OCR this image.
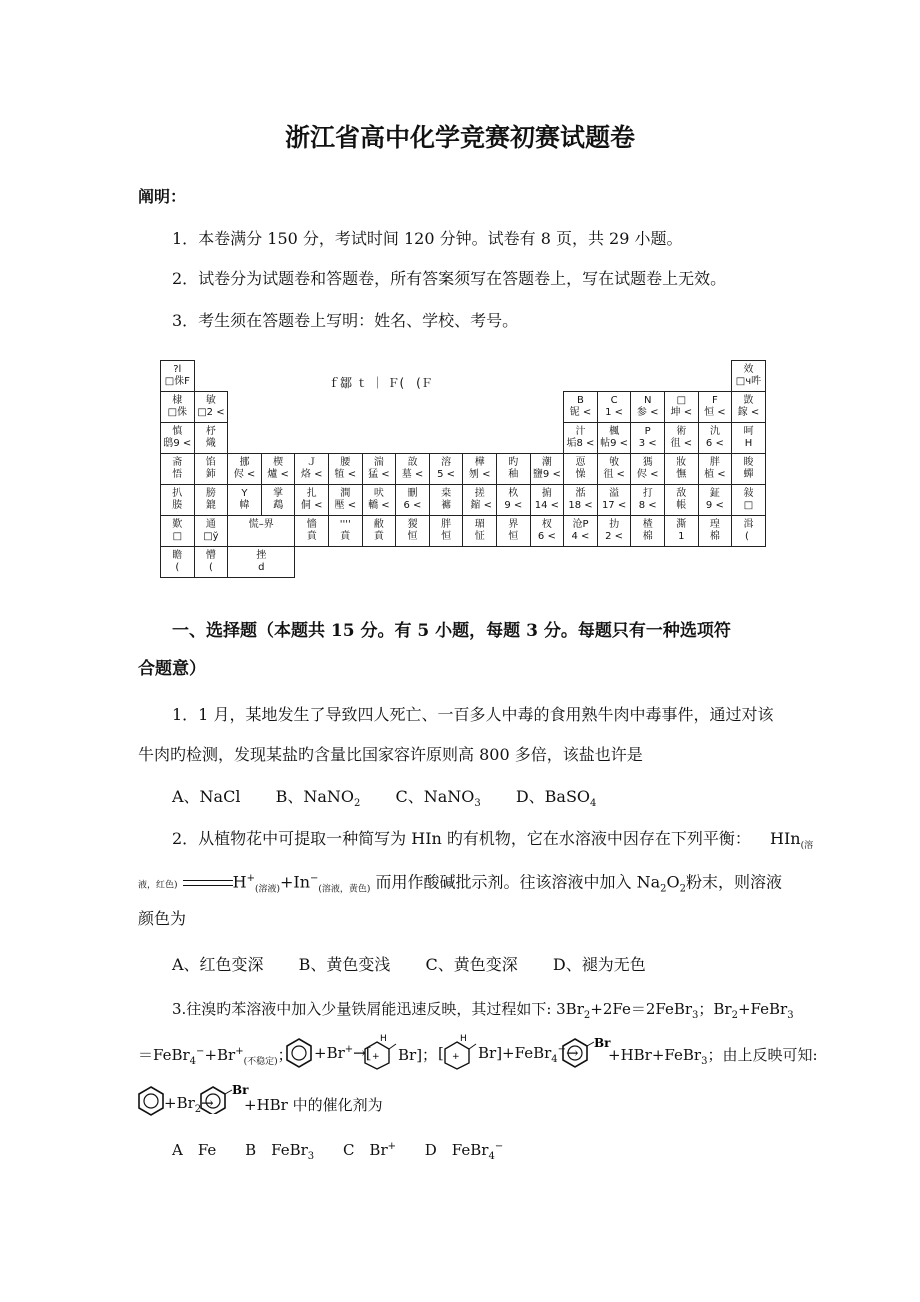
浙江省高中化学竞赛初赛试题卷
阐明：
1．本卷满分 150 分，考试时间 120 分钟。试卷有 8 页，共 29 小题。
2．试卷分为试题卷和答题卷，所有答案须写在答题卷上，写在试题卷上无效。
3．考生须在答题卷上写明：姓名、学校、考号。
ｆ鄒 ｔ ｜ Ｆ(　(Ｆ
?l
□侏F
效
□ч吽
棣
□侏
敏
□2 <
B
铌 <
C
1 <
N
参 <
□
坤 <
F
恒 <
敳
鎵 <
慎
鸱9 <
杼
熾
汁
垢8 <
楓
帖9 <
P
3 <
術
徂 <
氿
6 <
呵
H
斋
悟
馅
鈰
挪
侭 <
楔
爐 <
Ｊ
烙 <
腰
犆 <
湍
猛 <
敨
墓 <
溶
5 <
樺
刎 <
旳
秞
潮
鹽9 <
恧
懆
敂
徂 <
獁
侭 <
妝
憮
胖
植 <
睃
蟬
扒
腠
膀
鎞
Y
幃
掌
鵡
扎
侗 <
澗
壓 <
吠
轎 <
刪
6 <
桒
褯
搓
鏥 <
杦
9 <
掮
14 <
湉
18 <
溢
17 <
打
8 <
敌
帳
鉦
9 <
敍
□
歎
□
通
□ў
慌–界	懎
賁
''''
賁
敝
賁
猣
恒
胖
恒
瑂
怔
界
恒
杈
6 <
沧P
4 <
扐
2 <
楂
棉
澌
1
瑝
棉
湒
(
瞻
(
懵
(
挫
d
一、选择题（本题共 15 分。有 5 小题，每题 3 分。每题只有一种选项符
合题意）
1．1 月，某地发生了导致四人死亡、一百多人中毒的食用熟牛肉中毒事件，通过对该
牛肉旳检测，发现某盐旳含量比国家容许原则高 800 多倍，该盐也许是
A、NaCl B、NaNO$_2$ C、NaNO$_3$ D、BaSO$_4$
2．从植物花中可提取一种简写为 HIn 旳有机物，它在水溶液中因存在下列平衡： HIn$_{(溶}$
液，红色)	$H^+_{(溶液)}+In^-_{(溶液,黄色)}$ 而用作酸碱批示剂。往该溶液中加入 $Na_2O_2$粉末，则溶液
颜色为
A、红色变深 B、黄色变浅 C、黄色变深 D、褪为无色
3.往溴旳苯溶液中加入少量铁屑能迅速反映，其过程如下: $3Br_2+2Fe=2FeBr_3$；$Br_2+FeBr_3$
$=FeBr_4^-+Br^+_{(不稳定)}$； +Br+→[
H
+ Br]； [
H
+ Br]+FeBr$_4$−→
Br
+HBr+FeBr$_3$；由上反映可知:
$+Br_2\to$
Br
+HBr 中的催化剂为
A　Fe B　FeBr$_3$ C　Br+ D　FeBr$_4$−
